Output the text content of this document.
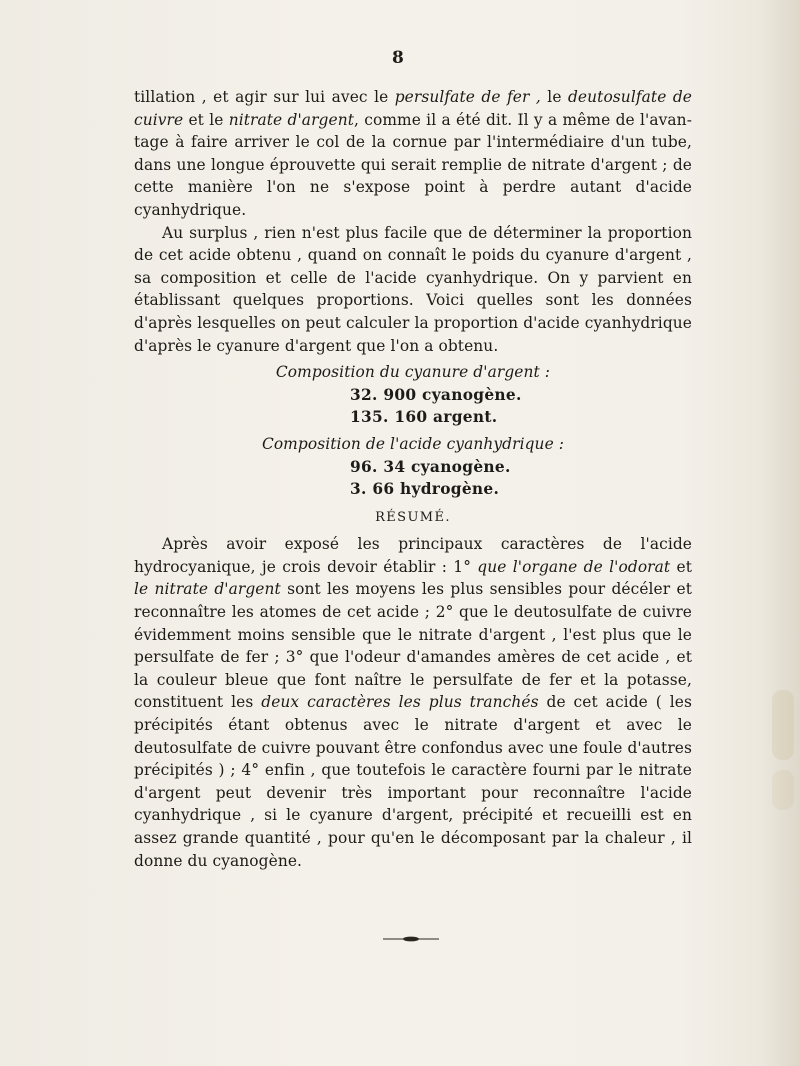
8

tillation , et agir sur lui avec le persulfate de fer , le deutosulfate de cuivre et le nitrate d'argent, comme il a été dit. Il y a même de l'avan- tage à faire arriver le col de la cornue par l'intermédiaire d'un tube, dans une longue éprouvette qui serait remplie de nitrate d'argent ; de cette manière l'on ne s'expose point à perdre autant d'acide cyanhydrique.

Au surplus , rien n'est plus facile que de déterminer la proportion de cet acide obtenu , quand on connaît le poids du cyanure d'argent , sa composition et celle de l'acide cyanhydrique. On y parvient en établissant quelques proportions. Voici quelles sont les données d'après lesquelles on peut calculer la proportion d'acide cyanhydrique d'après le cyanure d'argent que l'on a obtenu.

Composition du cyanure d'argent :

32. 900 cyanogène.

135. 160 argent.

Composition de l'acide cyanhydrique :

96. 34 cyanogène.

3. 66 hydrogène.

RÉSUMÉ.

Après avoir exposé les principaux caractères de l'acide hydrocyanique, je crois devoir établir : 1° que l'organe de l'odorat et le nitrate d'argent sont les moyens les plus sensibles pour décéler et reconnaître les atomes de cet acide ; 2° que le deutosulfate de cuivre évidemment moins sensible que le nitrate d'argent , l'est plus que le persulfate de fer ; 3° que l'odeur d'amandes amères de cet acide , et la couleur bleue que font naître le persulfate de fer et la potasse, constituent les deux caractères les plus tranchés de cet acide ( les précipités étant obtenus avec le nitrate d'argent et avec le deutosulfate de cuivre pouvant être confondus avec une foule d'autres précipités ) ; 4° enfin , que toutefois le caractère fourni par le nitrate d'argent peut devenir très important pour reconnaître l'acide cyanhydrique , si le cyanure d'argent, précipité et recueilli est en assez grande quantité , pour qu'en le décomposant par la chaleur , il donne du cyanogène.
